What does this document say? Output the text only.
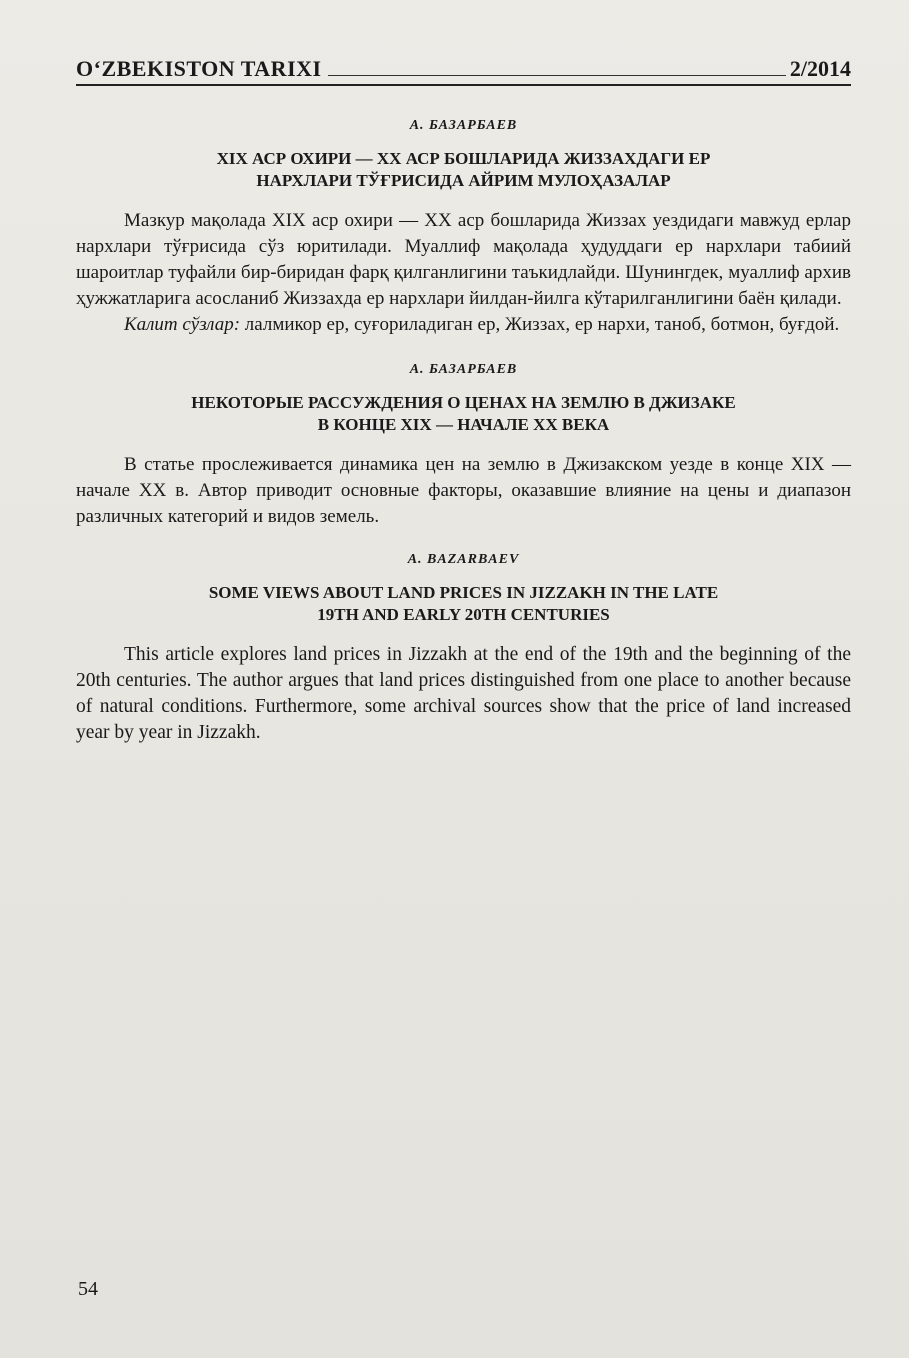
O‘ZBEKISTON TARIXI	2/2014

А. БАЗАРБАЕВ

XIX АСР ОХИРИ — XX АСР БОШЛАРИДА ЖИЗЗАХДАГИ ЕР
НАРХЛАРИ ТЎҒРИСИДА АЙРИМ МУЛОҲАЗАЛАР

Мазкур мақолада XIX аср охири — XX аср бошларида Жиззах уездидаги мавжуд ерлар нархлари тўғрисида сўз юритилади. Муаллиф мақолада ҳудуддаги ер нархлари табиий шароитлар туфайли бир-биридан фарқ қилганлигини таъкидлайди. Шунингдек, муаллиф архив ҳужжатларига асосланиб Жиззахда ер нархлари йилдан-йилга кўтарилганлигини баён қилади.

Калит сўзлар: лалмикор ер, суғориладиган ер, Жиззах, ер нархи, таноб, ботмон, буғдой.

А. БАЗАРБАЕВ

НЕКОТОРЫЕ РАССУЖДЕНИЯ О ЦЕНАХ НА ЗЕМЛЮ В ДЖИЗАКЕ
В КОНЦЕ XIX — НАЧАЛЕ XX ВЕКА

В статье прослеживается динамика цен на землю в Джизакском уезде в конце XIX — начале XX в. Автор приводит основные факторы, оказавшие влияние на цены и диапазон различных категорий и видов земель.

A. BAZARBAEV

SOME VIEWS ABOUT LAND PRICES IN JIZZAKH IN THE LATE
19TH AND EARLY 20TH CENTURIES

This article explores land prices in Jizzakh at the end of the 19th and the beginning of the 20th centuries. The author argues that land prices distinguished from one place to another because of natural conditions. Furthermore, some archival sources show that the price of land increased year by year in Jizzakh.

54
